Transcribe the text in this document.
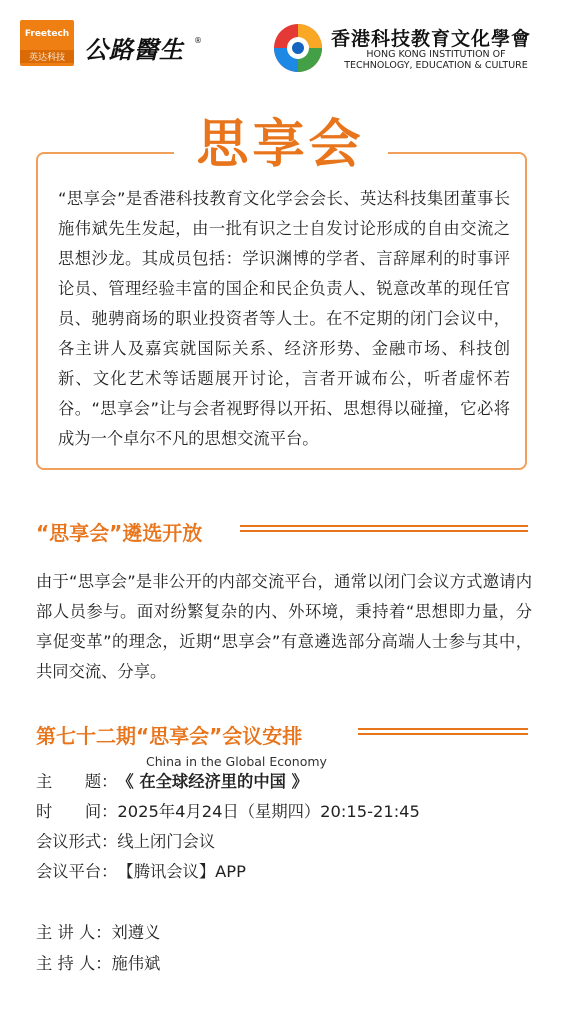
Freetech
英达科技 公路醫生 ®	香港科技教育文化學會
HONG KONG INSTITUTION OF TECHNOLOGY, EDUCATION & CULTURE
思享会
“思享会”是香港科技教育文化学会会长、英达科技集团董事长施伟斌先生发起，由一批有识之士自发讨论形成的自由交流之思想沙龙。其成员包括：学识渊博的学者、言辞犀利的时事评论员、管理经验丰富的国企和民企负责人、锐意改革的现任官员、驰骋商场的职业投资者等人士。在不定期的闭门会议中，各主讲人及嘉宾就国际关系、经济形势、金融市场、科技创新、文化艺术等话题展开讨论，言者开诚布公，听者虚怀若谷。“思享会”让与会者视野得以开拓、思想得以碰撞，它必将成为一个卓尔不凡的思想交流平台。
“思享会”遴选开放
由于“思享会”是非公开的内部交流平台，通常以闭门会议方式邀请内部人员参与。面对纷繁复杂的内、外环境，秉持着“思想即力量，分享促变革”的理念，近期“思享会”有意遴选部分高端人士参与其中，共同交流、分享。
第七十二期“思享会”会议安排
China in the Global Economy
主　　题：《 在全球经济里的中国 》
时　　间：2025年4月24日（星期四）20:15-21:45
会议形式：线上闭门会议
会议平台：【腾讯会议】APP
主 讲 人：刘遵义
主 持 人：施伟斌
